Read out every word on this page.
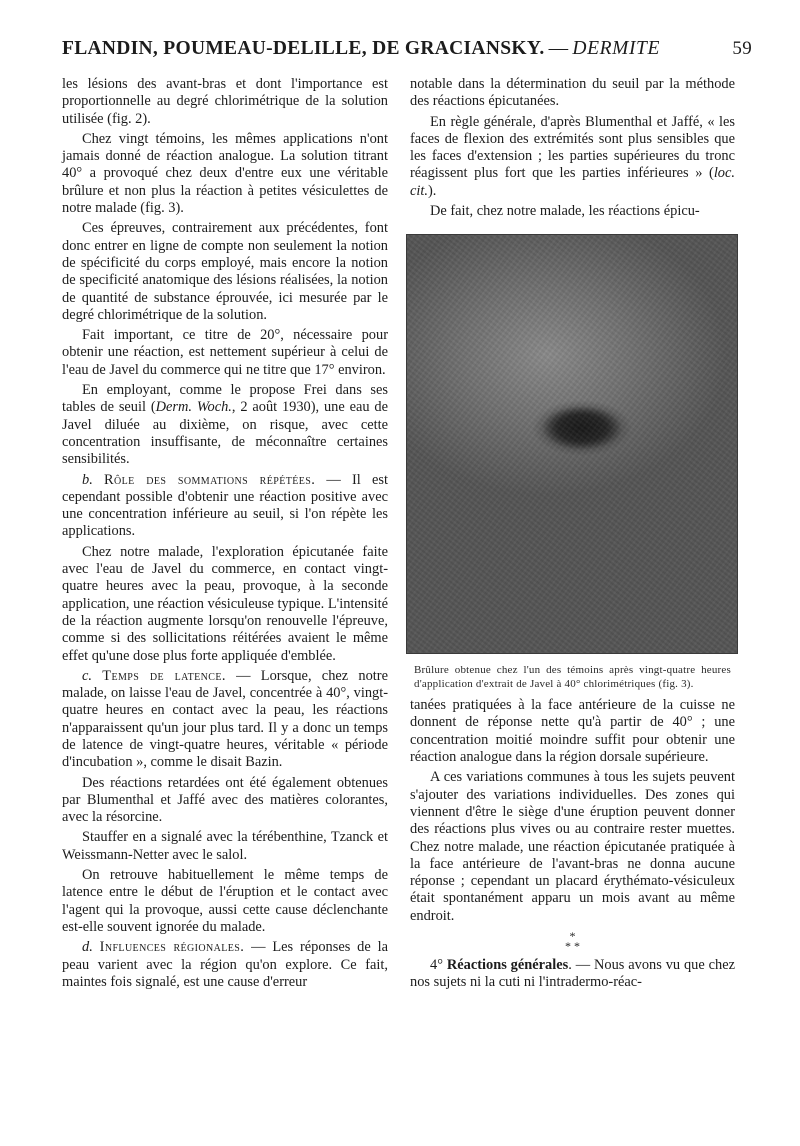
FLANDIN, POUMEAU-DELILLE, DE GRACIANSKY. — DERMITE	59

les lésions des avant-bras et dont l'importance est proportionnelle au degré chlorimétrique de la solution utilisée (fig. 2).

Chez vingt témoins, les mêmes applications n'ont jamais donné de réaction analogue. La solution titrant 40° a provoqué chez deux d'entre eux une véritable brûlure et non plus la réaction à petites vésiculettes de notre malade (fig. 3).

Ces épreuves, contrairement aux précédentes, font donc entrer en ligne de compte non seulement la notion de spécificité du corps employé, mais encore la notion de specificité anatomique des lésions réalisées, la notion de quantité de substance éprouvée, ici mesurée par le degré chlorimétrique de la solution.

Fait important, ce titre de 20°, nécessaire pour obtenir une réaction, est nettement supérieur à celui de l'eau de Javel du commerce qui ne titre que 17° environ.

En employant, comme le propose Frei dans ses tables de seuil (Derm. Woch., 2 août 1930), une eau de Javel diluée au dixième, on risque, avec cette concentration insuffisante, de méconnaître certaines sensibilités.

b. Rôle des sommations répétées. — Il est cependant possible d'obtenir une réaction positive avec une concentration inférieure au seuil, si l'on répète les applications.

Chez notre malade, l'exploration épicutanée faite avec l'eau de Javel du commerce, en contact vingt-quatre heures avec la peau, provoque, à la seconde application, une réaction vésiculeuse typique. L'intensité de la réaction augmente lorsqu'on renouvelle l'épreuve, comme si des sollicitations réitérées avaient le même effet qu'une dose plus forte appliquée d'emblée.

c. Temps de latence. — Lorsque, chez notre malade, on laisse l'eau de Javel, concentrée à 40°, vingt-quatre heures en contact avec la peau, les réactions n'apparaissent qu'un jour plus tard. Il y a donc un temps de latence de vingt-quatre heures, véritable « période d'incubation », comme le disait Bazin.

Des réactions retardées ont été également obtenues par Blumenthal et Jaffé avec des matières colorantes, avec la résorcine.

Stauffer en a signalé avec la térébenthine, Tzanck et Weissmann-Netter avec le salol.

On retrouve habituellement le même temps de latence entre le début de l'éruption et le contact avec l'agent qui la provoque, aussi cette cause déclenchante est-elle souvent ignorée du malade.

d. Influences régionales. — Les réponses de la peau varient avec la région qu'on explore. Ce fait, maintes fois signalé, est une cause d'erreur

notable dans la détermination du seuil par la méthode des réactions épicutanées.

En règle générale, d'après Blumenthal et Jaffé, « les faces de flexion des extrémités sont plus sensibles que les faces d'extension ; les parties supérieures du tronc réagissent plus fort que les parties inférieures » (loc. cit.).

De fait, chez notre malade, les réactions épicu-

Brûlure obtenue chez l'un des témoins après vingt-quatre heures d'application d'extrait de Javel à 40° chlorimétriques (fig. 3).

tanées pratiquées à la face antérieure de la cuisse ne donnent de réponse nette qu'à partir de 40° ; une concentration moitié moindre suffit pour obtenir une réaction analogue dans la région dorsale supérieure.

A ces variations communes à tous les sujets peuvent s'ajouter des variations individuelles. Des zones qui viennent d'être le siège d'une éruption peuvent donner des réactions plus vives ou au contraire rester muettes. Chez notre malade, une réaction épicutanée pratiquée à la face antérieure de l'avant-bras ne donna aucune réponse ; cependant un placard érythémato-vésiculeux était spontanément apparu un mois avant au même endroit.

*
* *

4° Réactions générales. — Nous avons vu que chez nos sujets ni la cuti ni l'intradermo-réac-
